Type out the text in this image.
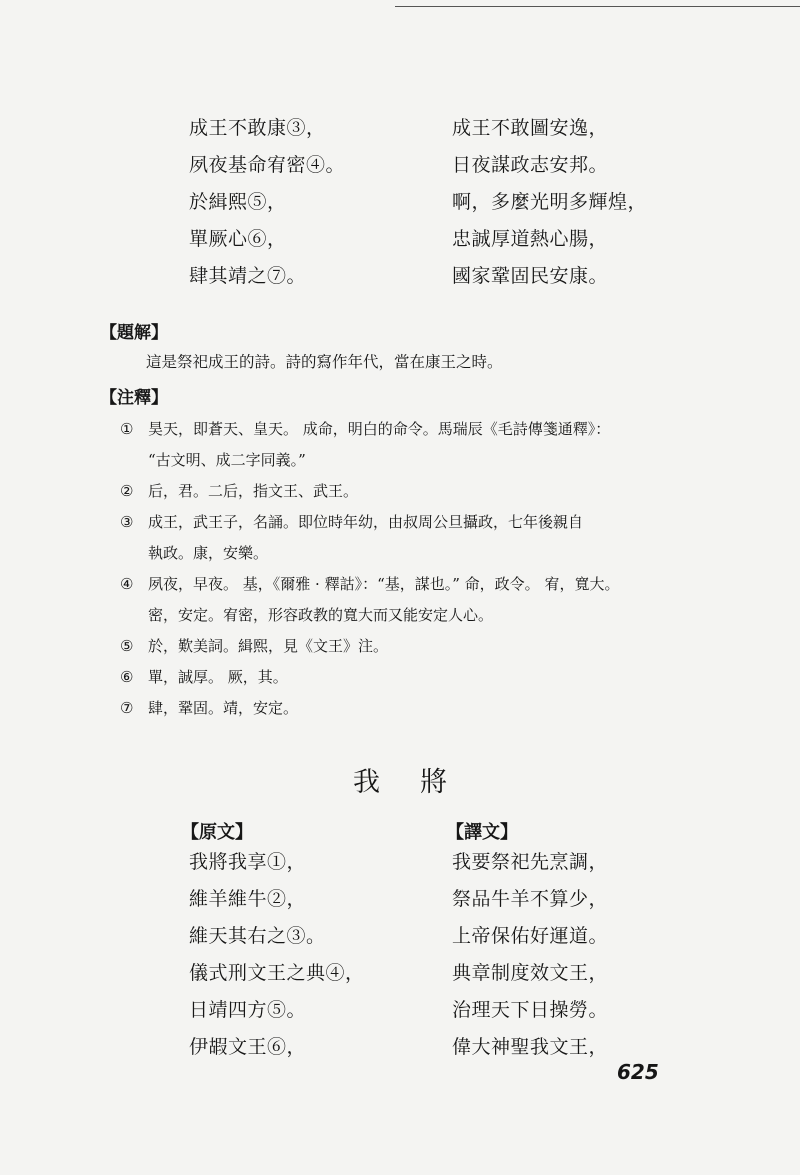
成王不敢康③，
夙夜基命宥密④。
於緝熙⑤，
單厥心⑥，
肆其靖之⑦。
成王不敢圖安逸，
日夜謀政志安邦。
啊，多麼光明多輝煌，
忠誠厚道熱心腸，
國家鞏固民安康。
【題解】
這是祭祀成王的詩。詩的寫作年代，當在康王之時。
【注釋】
① 昊天，即蒼天、皇天。 成命，明白的命令。馬瑞辰《毛詩傳箋通釋》：
“古文明、成二字同義。”
② 后，君。二后，指文王、武王。
③ 成王，武王子，名誦。即位時年幼，由叔周公旦攝政，七年後親自
執政。康，安樂。
④ 夙夜，早夜。 基，《爾雅 · 釋詁》：“基，謀也。” 命，政令。 宥，寬大。
密，安定。宥密，形容政教的寬大而又能安定人心。
⑤ 於，歎美詞。緝熙，見《文王》注。
⑥ 單，誠厚。 厥，其。
⑦ 肆，鞏固。靖，安定。
我將
【原文】	【譯文】
我將我享①，
維羊維牛②，
維天其右之③。
儀式刑文王之典④，
日靖四方⑤。
伊嘏文王⑥，
我要祭祀先烹調，
祭品牛羊不算少，
上帝保佑好運道。
典章制度效文王，
治理天下日操勞。
偉大神聖我文王，
625
